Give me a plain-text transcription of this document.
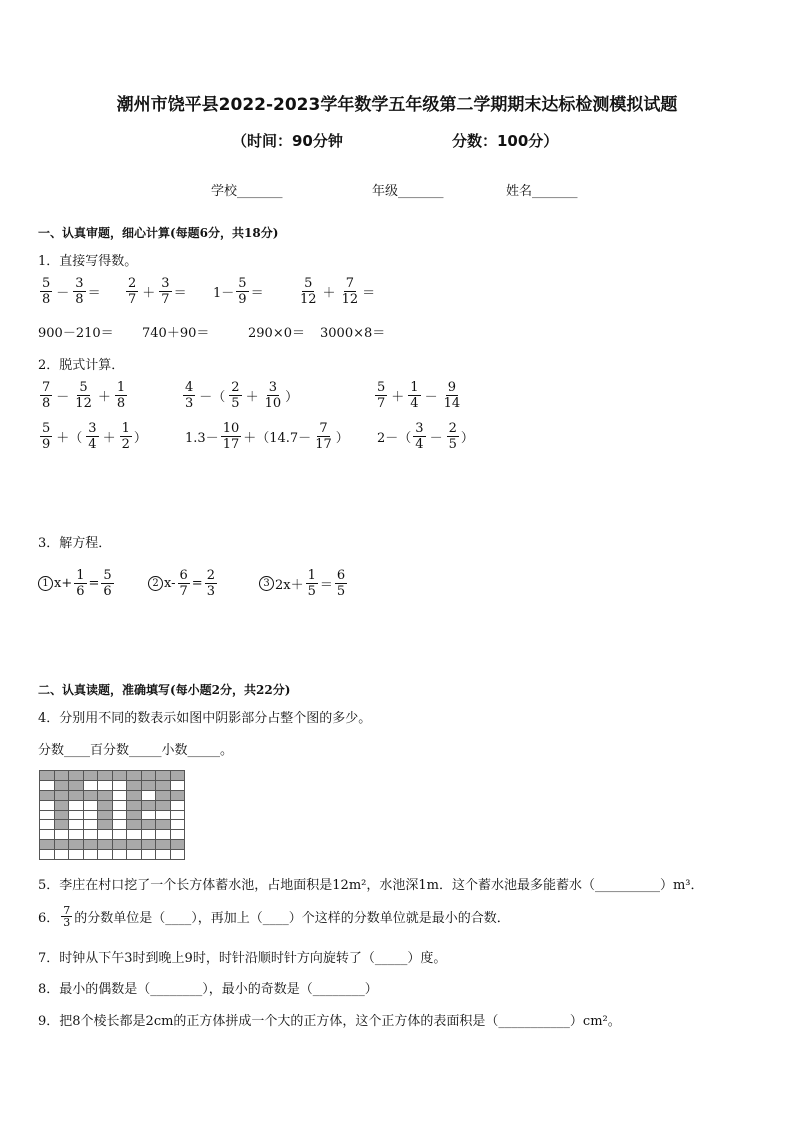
潮州市饶平县2022-2023学年数学五年级第二学期期末达标检测模拟试题
（时间：90分钟	分数：100分）
学校_______	年级_______	姓名_______
一、认真审题，细心计算(每题6分，共18分)
1．直接写得数。
$\frac{5}{8} - \frac{3}{8} = \frac{2}{7} + \frac{3}{7} = 1- \frac{5}{9}$ ＝	$\frac{5}{12} + \frac{7}{12}$ ＝
900－210＝ 740＋90＝	290×0＝ 3000×8＝
2．脱式计算．
$\frac{7}{8} - \frac{5}{12} + \frac{1}{8}$	$\frac{4}{3}$ －（ $\frac{2}{5} + \frac{3}{10}$ ）	$\frac{5}{7} + \frac{1}{4} - \frac{9}{14}$
$\frac{5}{9}$ ＋（ $\frac{3}{4} + \frac{1}{2}$ ）	$1.3- \frac{10}{17} +(14.7- \frac{7}{17}$ ） $2-( \frac{3}{4} - \frac{2}{5}$ ）
3．解方程．
1 $x+ \frac{1}{6} = \frac{5}{6}$	2 $x- \frac{6}{7} = \frac{2}{3}$	3 $2x+ \frac{1}{5} = \frac{6}{5}$
二、认真读题，准确填写(每小题2分，共22分)
4．分别用不同的数表示如图中阴影部分占整个图的多少。
分数____百分数_____小数_____。

5．李庄在村口挖了一个长方体蓄水池，占地面积是12m²，水池深1m．这个蓄水池最多能蓄水（__________）m³．
6． $\frac{7}{3}$ 的分数单位是（____），再加上（____）个这样的分数单位就是最小的合数．
7．时钟从下午3时到晚上9时，时针沿顺时针方向旋转了（_____）度。
8．最小的偶数是（________），最小的奇数是（________）
9．把8个棱长都是2cm的正方体拼成一个大的正方体，这个正方体的表面积是（___________）cm²。
